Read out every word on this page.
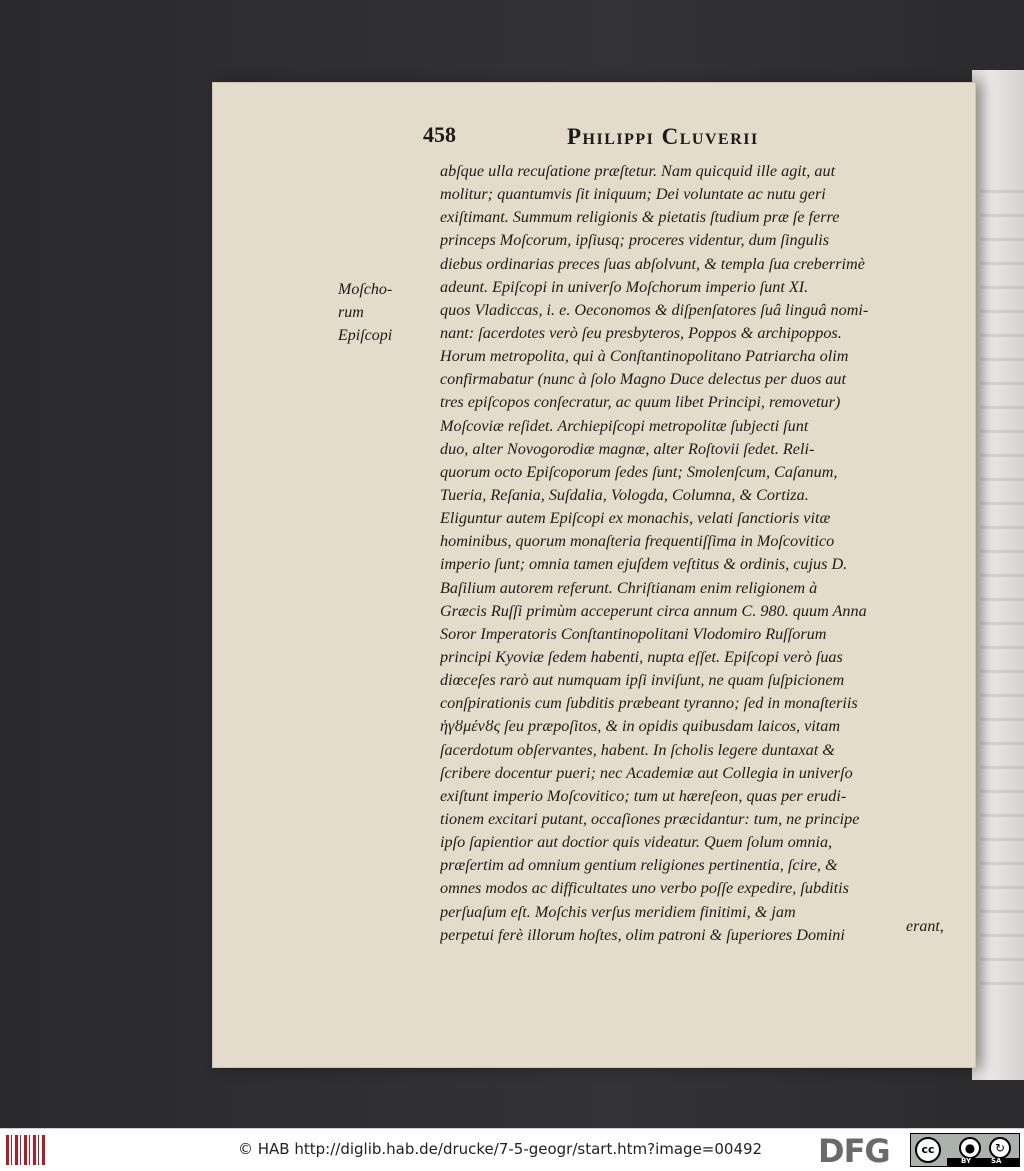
458	Philippi Cluverii
Moſcho-
rum
Epiſcopi
abſque ulla recuſatione præſtetur. Nam quicquid ille agit, aut
molitur; quantumvis ſit iniquum; Dei voluntate ac nutu geri
exiſtimant. Summum religionis & pietatis ſtudium præ ſe ferre
princeps Moſcorum, ipſiusq; proceres videntur, dum ſingulis
diebus ordinarias preces ſuas abſolvunt, & templa ſua creberrimè
adeunt. Epiſcopi in univerſo Moſchorum imperio ſunt XI.
quos Vladiccas, i. e. Oeconomos & diſpenſatores ſuâ linguâ nomi-
nant: ſacerdotes verò ſeu presbyteros, Poppos & archipoppos.
Horum metropolita, qui à Conſtantinopolitano Patriarcha olim
confirmabatur (nunc à ſolo Magno Duce delectus per duos aut
tres epiſcopos conſecratur, ac quum libet Principi, removetur)
Moſcoviæ reſidet. Archiepiſcopi metropolitæ ſubjecti ſunt
duo, alter Novogorodiæ magnæ, alter Roſtovii ſedet. Reli-
quorum octo Epiſcoporum ſedes ſunt; Smolenſcum, Caſanum,
Tueria, Reſania, Suſdalia, Vologda, Columna, & Cortiza.
Eliguntur autem Epiſcopi ex monachis, velati ſanctioris vitæ
hominibus, quorum monaſteria frequentiſſima in Moſcovitico
imperio ſunt; omnia tamen ejuſdem veſtitus & ordinis, cujus D.
Baſilium autorem referunt. Chriſtianam enim religionem à
Græcis Ruſſi primùm acceperunt circa annum C. 980. quum Anna
Soror Imperatoris Conſtantinopolitani Vlodomiro Ruſſorum
principi Kyoviæ ſedem habenti, nupta eſſet. Epiſcopi verò ſuas
diœceſes rarò aut numquam ipſi inviſunt, ne quam ſuſpicionem
conſpirationis cum ſubditis præbeant tyranno; ſed in monaſteriis
ἡγȣμένȣς ſeu præpoſitos, & in opidis quibusdam laicos, vitam
ſacerdotum obſervantes, habent. In ſcholis legere duntaxat &
ſcribere docentur pueri; nec Academiæ aut Collegia in univerſo
exiſtunt imperio Moſcovitico; tum ut hæreſeon, quas per erudi-
tionem excitari putant, occaſiones præcidantur: tum, ne principe
ipſo ſapientior aut doctior quis videatur. Quem ſolum omnia,
præſertim ad omnium gentium religiones pertinentia, ſcire, &
omnes modos ac difficultates uno verbo poſſe expedire, ſubditis
perſuaſum eſt. Moſchis verſus meridiem finitimi, & jam
perpetui ferè illorum hoſtes, olim patroni & ſuperiores Domini	erant,
© HAB http://diglib.hab.de/drucke/7-5-geogr/start.htm?image=00492 DFG	cc	●	↻
BY	SA
